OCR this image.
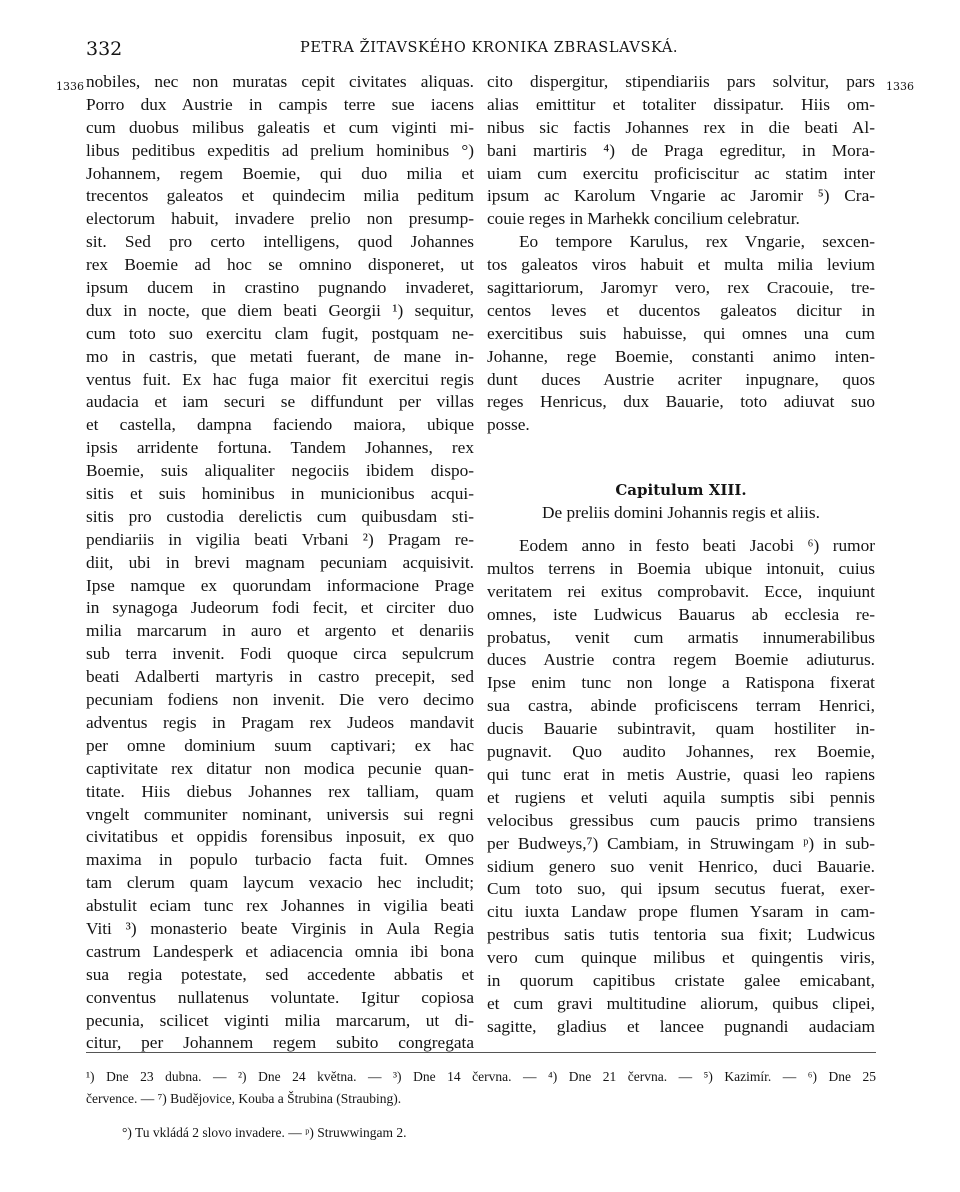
332	PETRA ŽITAVSKÉHO KRONIKA ZBRASLAVSKÁ.
1336	1336
nobiles, nec non muratas cepit civitates aliquas.
Porro dux Austrie in campis terre sue iacens
cum duobus milibus galeatis et cum viginti mi-
libus peditibus expeditis ad prelium hominibus °)
Johannem, regem Boemie, qui duo milia et
trecentos galeatos et quindecim milia peditum
electorum habuit, invadere prelio non presump-
sit. Sed pro certo intelligens, quod Johannes
rex Boemie ad hoc se omnino disponeret, ut
ipsum ducem in crastino pugnando invaderet,
dux in nocte, que diem beati Georgii ¹) sequitur,
cum toto suo exercitu clam fugit, postquam ne-
mo in castris, que metati fuerant, de mane in-
ventus fuit. Ex hac fuga maior fit exercitui regis
audacia et iam securi se diffundunt per villas
et castella, dampna faciendo maiora, ubique
ipsis arridente fortuna. Tandem Johannes, rex
Boemie, suis aliqualiter negociis ibidem dispo-
sitis et suis hominibus in municionibus acqui-
sitis pro custodia derelictis cum quibusdam sti-
pendiariis in vigilia beati Vrbani ²) Pragam re-
diit, ubi in brevi magnam pecuniam acquisivit.
Ipse namque ex quorundam informacione Prage
in synagoga Judeorum fodi fecit, et circiter duo
milia marcarum in auro et argento et denariis
sub terra invenit. Fodi quoque circa sepulcrum
beati Adalberti martyris in castro precepit, sed
pecuniam fodiens non invenit. Die vero decimo
adventus regis in Pragam rex Judeos mandavit
per omne dominium suum captivari; ex hac
captivitate rex ditatur non modica pecunie quan-
titate. Hiis diebus Johannes rex talliam, quam
vngelt communiter nominant, universis sui regni
civitatibus et oppidis forensibus inposuit, ex quo
maxima in populo turbacio facta fuit. Omnes
tam clerum quam laycum vexacio hec includit;
abstulit eciam tunc rex Johannes in vigilia beati
Viti ³) monasterio beate Virginis in Aula Regia
castrum Landesperk et adiacencia omnia ibi bona
sua regia potestate, sed accedente abbatis et
conventus nullatenus voluntate. Igitur copiosa
pecunia, scilicet viginti milia marcarum, ut di-
citur, per Johannem regem subito congregata
cito dispergitur, stipendiariis pars solvitur, pars
alias emittitur et totaliter dissipatur. Hiis om-
nibus sic factis Johannes rex in die beati Al-
bani martiris ⁴) de Praga egreditur, in Mora-
uiam cum exercitu proficiscitur ac statim inter
ipsum ac Karolum Vngarie ac Jaromir ⁵) Cra-
couie reges in Marhekk concilium celebratur.
Eo tempore Karulus, rex Vngarie, sexcen-
tos galeatos viros habuit et multa milia levium
sagittariorum, Jaromyr vero, rex Cracouie, tre-
centos leves et ducentos galeatos dicitur in
exercitibus suis habuisse, qui omnes una cum
Johanne, rege Boemie, constanti animo inten-
dunt duces Austrie acriter inpugnare, quos
reges Henricus, dux Bauarie, toto adiuvat suo
posse.
Capitulum XIII.
De preliis domini Johannis regis et aliis.
Eodem anno in festo beati Jacobi ⁶) rumor
multos terrens in Boemia ubique intonuit, cuius
veritatem rei exitus comprobavit. Ecce, inquiunt
omnes, iste Ludwicus Bauarus ab ecclesia re-
probatus, venit cum armatis innumerabilibus
duces Austrie contra regem Boemie adiuturus.
Ipse enim tunc non longe a Ratispona fixerat
sua castra, abinde proficiscens terram Henrici,
ducis Bauarie subintravit, quam hostiliter in-
pugnavit. Quo audito Johannes, rex Boemie,
qui tunc erat in metis Austrie, quasi leo rapiens
et rugiens et veluti aquila sumptis sibi pennis
velocibus gressibus cum paucis primo transiens
per Budweys,⁷) Cambiam, in Struwingam ᵖ) in sub-
sidium genero suo venit Henrico, duci Bauarie.
Cum toto suo, qui ipsum secutus fuerat, exer-
citu iuxta Landaw prope flumen Ysaram in cam-
pestribus satis tutis tentoria sua fixit; Ludwicus
vero cum quinque milibus et quingentis viris,
in quorum capitibus cristate galee emicabant,
et cum gravi multitudine aliorum, quibus clipei,
sagitte, gladius et lancee pugnandi audaciam
¹) Dne 23 dubna. — ²) Dne 24 května. — ³) Dne 14 června. — ⁴) Dne 21 června. — ⁵) Kazimír. — ⁶) Dne 25
července. — ⁷) Budějovice, Kouba a Štrubina (Straubing).
°) Tu vkládá 2 slovo invadere. — ᵖ) Struwwingam 2.
